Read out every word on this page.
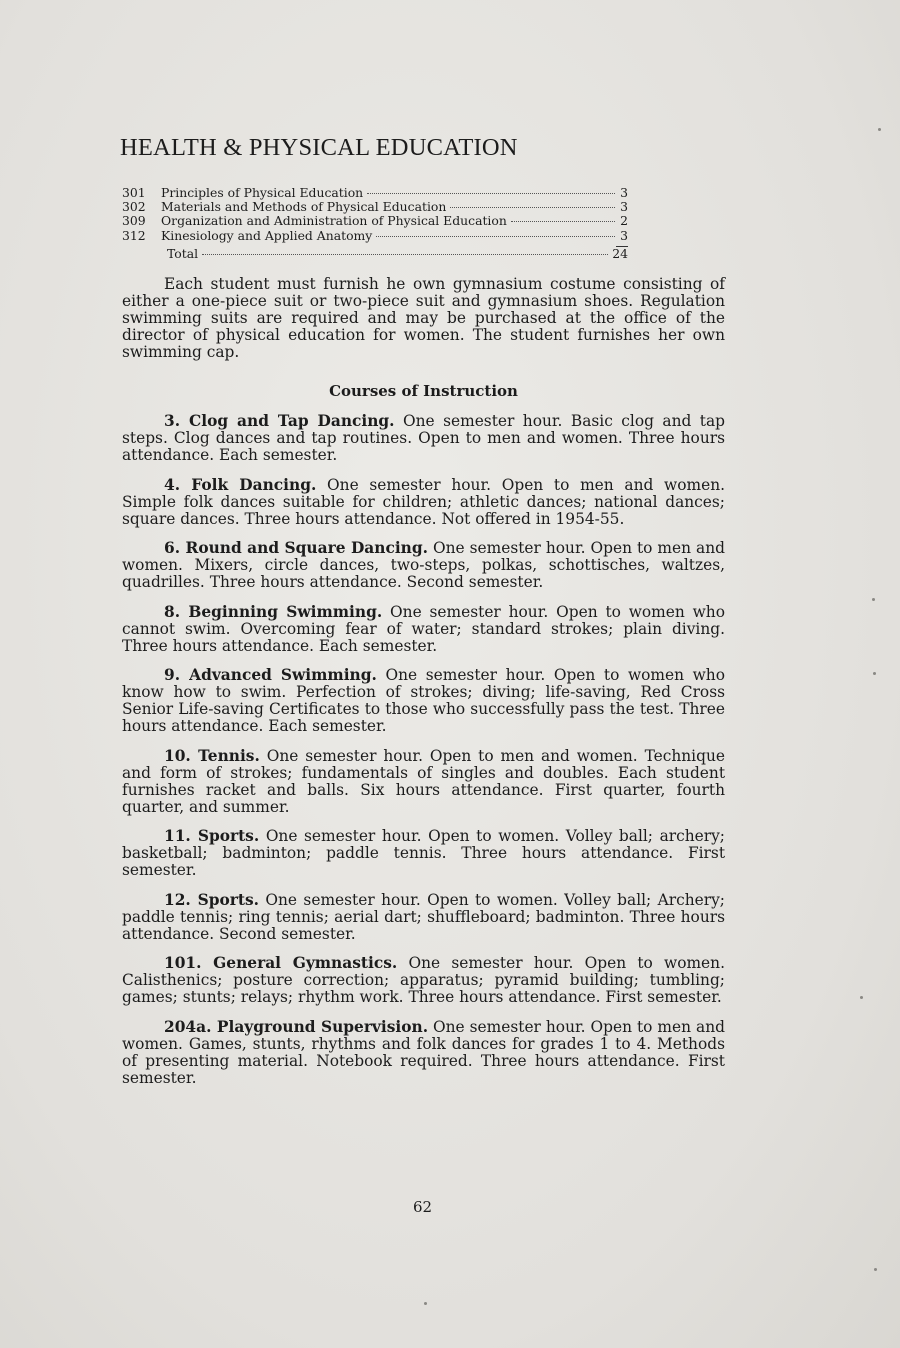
HEALTH & PHYSICAL EDUCATION
301	Principles of Physical Education	3
302	Materials and Methods of Physical Education	3
309	Organization and Administration of Physical Education	2
312	Kinesiology and Applied Anatomy	3
Total	24

Each student must furnish he own gymnasium costume consisting of either a one-piece suit or two-piece suit and gymnasium shoes. Regulation swimming suits are required and may be purchased at the office of the director of physical education for women. The student furnishes her own swimming cap.

Courses of Instruction

3. Clog and Tap Dancing. One semester hour. Basic clog and tap steps. Clog dances and tap routines. Open to men and women. Three hours attendance. Each semester.

4. Folk Dancing. One semester hour. Open to men and women. Simple folk dances suitable for children; athletic dances; national dances; square dances. Three hours attendance. Not offered in 1954-55.

6. Round and Square Dancing. One semester hour. Open to men and women. Mixers, circle dances, two-steps, polkas, schottisches, waltzes, quadrilles. Three hours attendance. Second semester.

8. Beginning Swimming. One semester hour. Open to women who cannot swim. Overcoming fear of water; standard strokes; plain diving. Three hours attendance. Each semester.

9. Advanced Swimming. One semester hour. Open to women who know how to swim. Perfection of strokes; diving; life-saving, Red Cross Senior Life-saving Certificates to those who successfully pass the test. Three hours attendance. Each semester.

10. Tennis. One semester hour. Open to men and women. Technique and form of strokes; fundamentals of singles and doubles. Each student furnishes racket and balls. Six hours attendance. First quarter, fourth quarter, and summer.

11. Sports. One semester hour. Open to women. Volley ball; archery; basketball; badminton; paddle tennis. Three hours attendance. First semester.

12. Sports. One semester hour. Open to women. Volley ball; Archery; paddle tennis; ring tennis; aerial dart; shuffleboard; badminton. Three hours attendance. Second semester.

101. General Gymnastics. One semester hour. Open to women. Calisthenics; posture correction; apparatus; pyramid building; tumbling; games; stunts; relays; rhythm work. Three hours attendance. First semester.

204a. Playground Supervision. One semester hour. Open to men and women. Games, stunts, rhythms and folk dances for grades 1 to 4. Methods of presenting material. Notebook required. Three hours attendance. First semester.

62
